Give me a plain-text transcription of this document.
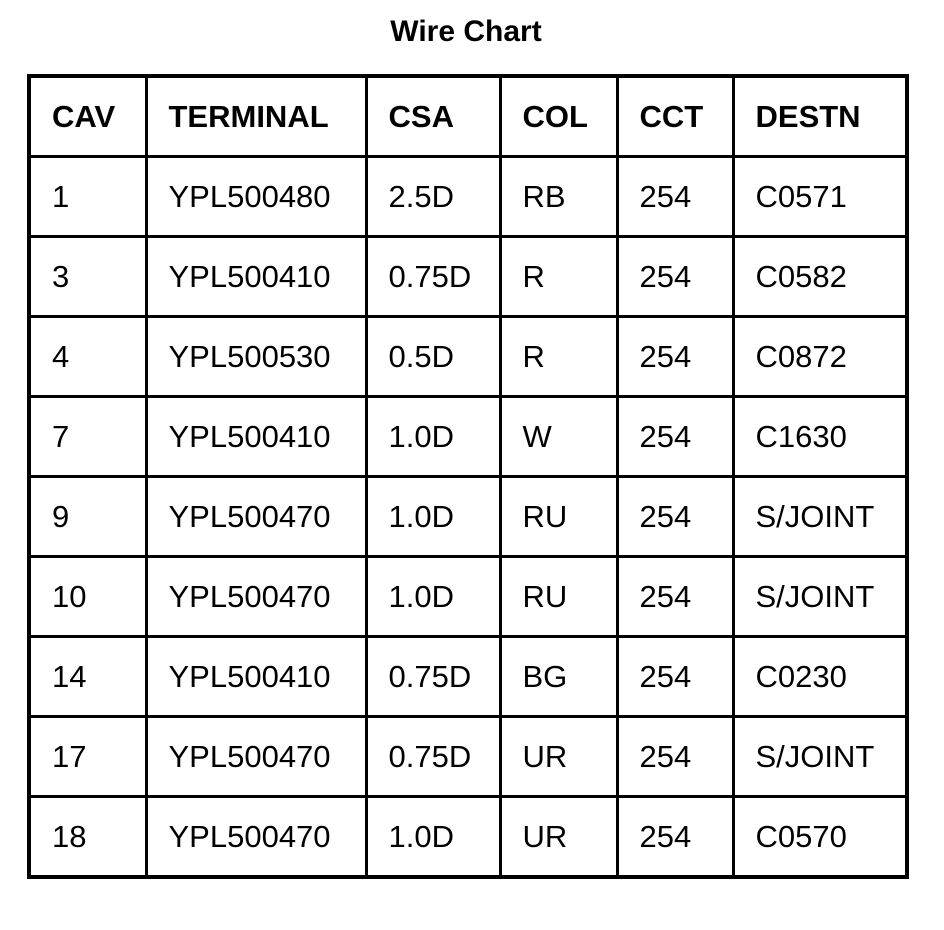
Wire Chart
CAV	TERMINAL	CSA	COL	CCT	DESTN
1	YPL500480	2.5D	RB	254	C0571
3	YPL500410	0.75D	R	254	C0582
4	YPL500530	0.5D	R	254	C0872
7	YPL500410	1.0D	W	254	C1630
9	YPL500470	1.0D	RU	254	S/JOINT
10	YPL500470	1.0D	RU	254	S/JOINT
14	YPL500410	0.75D	BG	254	C0230
17	YPL500470	0.75D	UR	254	S/JOINT
18	YPL500470	1.0D	UR	254	C0570
